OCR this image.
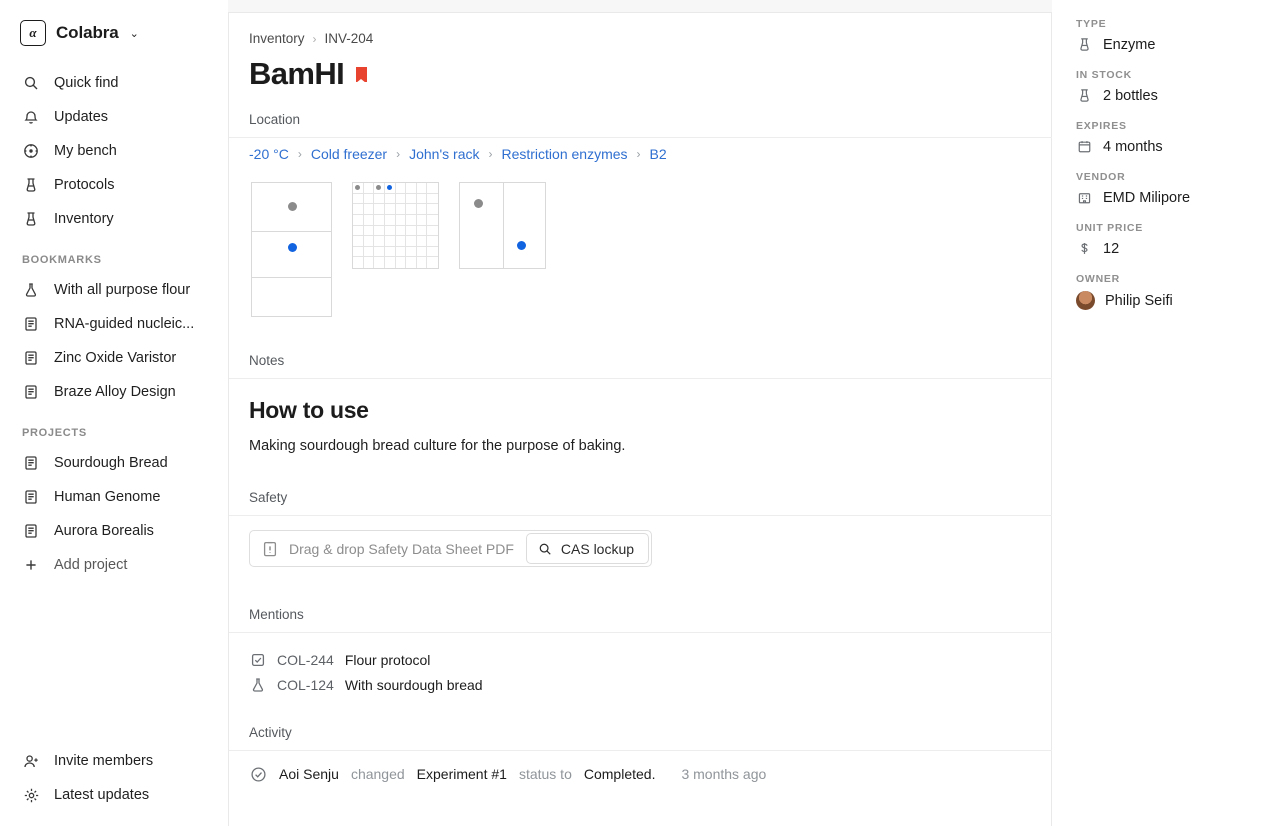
α Colabra ⌄
Quick find
Updates
My bench
Protocols
Inventory
BOOKMARKS
With all purpose flour
RNA-guided nucleic...
Zinc Oxide Varistor
Braze Alloy Design
PROJECTS
Sourdough Bread
Human Genome
Aurora Borealis
Add project
Invite members
Latest updates
Inventory › INV-204
BamHI
Location
-20 °C › Cold freezer › John's rack › Restriction enzymes › B2
Notes
How to use
Making sourdough bread culture for the purpose of baking.
Safety
Drag & drop Safety Data Sheet PDF	CAS lockup
Mentions
COL-244 Flour protocol
COL-124 With sourdough bread
Activity
Aoi Senju changed Experiment #1 status to Completed. 3 months ago
TYPE
Enzyme
IN STOCK
2 bottles
EXPIRES
4 months
VENDOR
EMD Milipore
UNIT PRICE
12
OWNER
Philip Seifi
